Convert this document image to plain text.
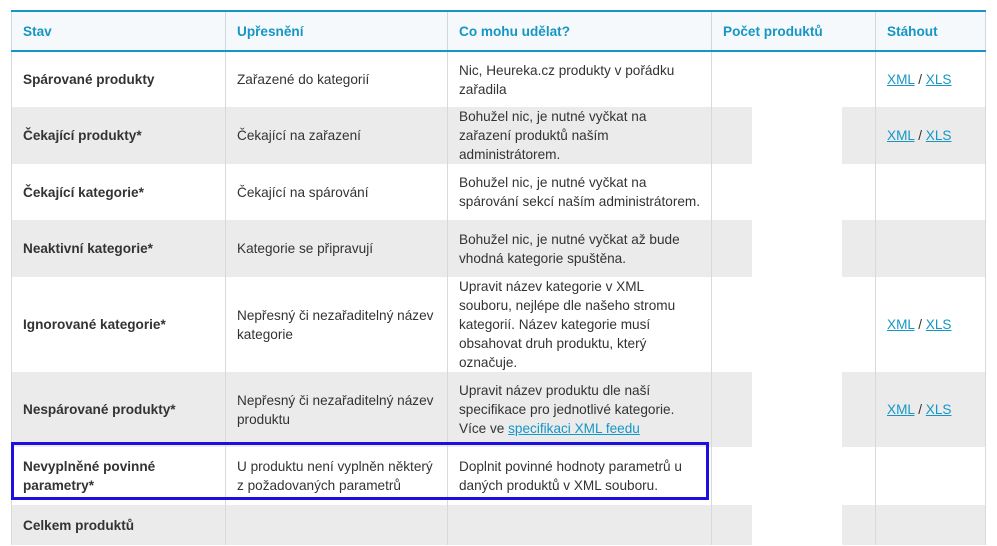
Stav	Upřesnění	Co mohu udělat?	Počet produktů	Stáhout
Spárované produkty	Zařazené do kategorií	Nic, Heureka.cz produkty v pořádku zařadila		XML / XLS
Čekající produkty*	Čekající na zařazení	Bohužel nic, je nutné vyčkat na zařazení produktů naším administrátorem.		XML / XLS
Čekající kategorie*	Čekající na spárování	Bohužel nic, je nutné vyčkat na spárování sekcí naším administrátorem.		
Neaktivní kategorie*	Kategorie se připravují	Bohužel nic, je nutné vyčkat až bude vhodná kategorie spuštěna.	

Ignorované kategorie*	Nepřesný či nezařaditelný název kategorie	Upravit název kategorie v XML souboru, nejlépe dle našeho stromu kategorií. Název kategorie musí obsahovat druh produktu, který označuje.		XML / XLS
Nespárované produkty*	Nepřesný či nezařaditelný název produktu	Upravit název produktu dle naší specifikace pro jednotlivé kategorie. Více ve specifikaci XML feedu		XML / XLS
Nevyplněné povinné parametry*	U produktu není vyplněn některý z požadovaných parametrů	Doplnit povinné hodnoty parametrů u daných produktů v XML souboru.		
Celkem produktů			
